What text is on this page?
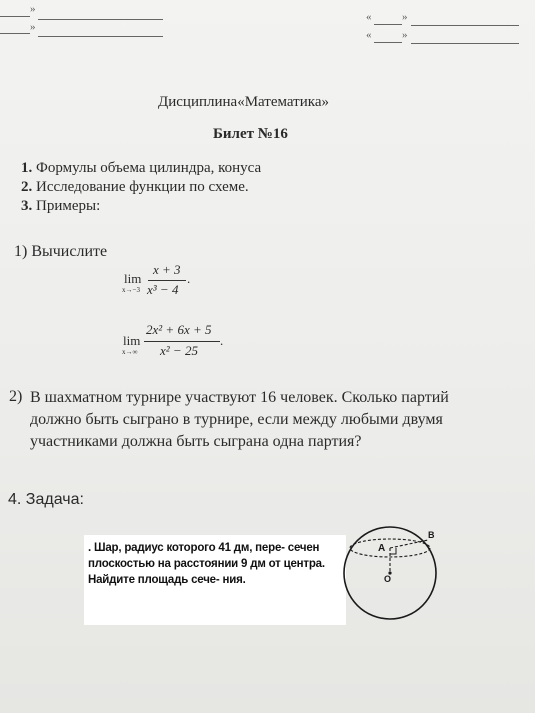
»
»
«	»
«	»
Дисциплина«Математика»
Билет №16
1. Формулы объема цилиндра, конуса
2. Исследование функции по схеме.
3. Примеры:
1) Вычислите
lim
x→−3
x + 3
x³ − 4
.
lim
x→∞
2x² + 6x + 5
x² − 25
.
2) В шахматном турнире участвуют 16 человек. Сколько партий должно быть сыграно в турнире, если между любыми двумя участниками должна быть сыграна одна партия?
4. Задача:
. Шар, радиус которого 41 дм, пере- сечен плоскостью на расстоянии 9 дм от центра. Найдите площадь сече- ния.
A
B
O
